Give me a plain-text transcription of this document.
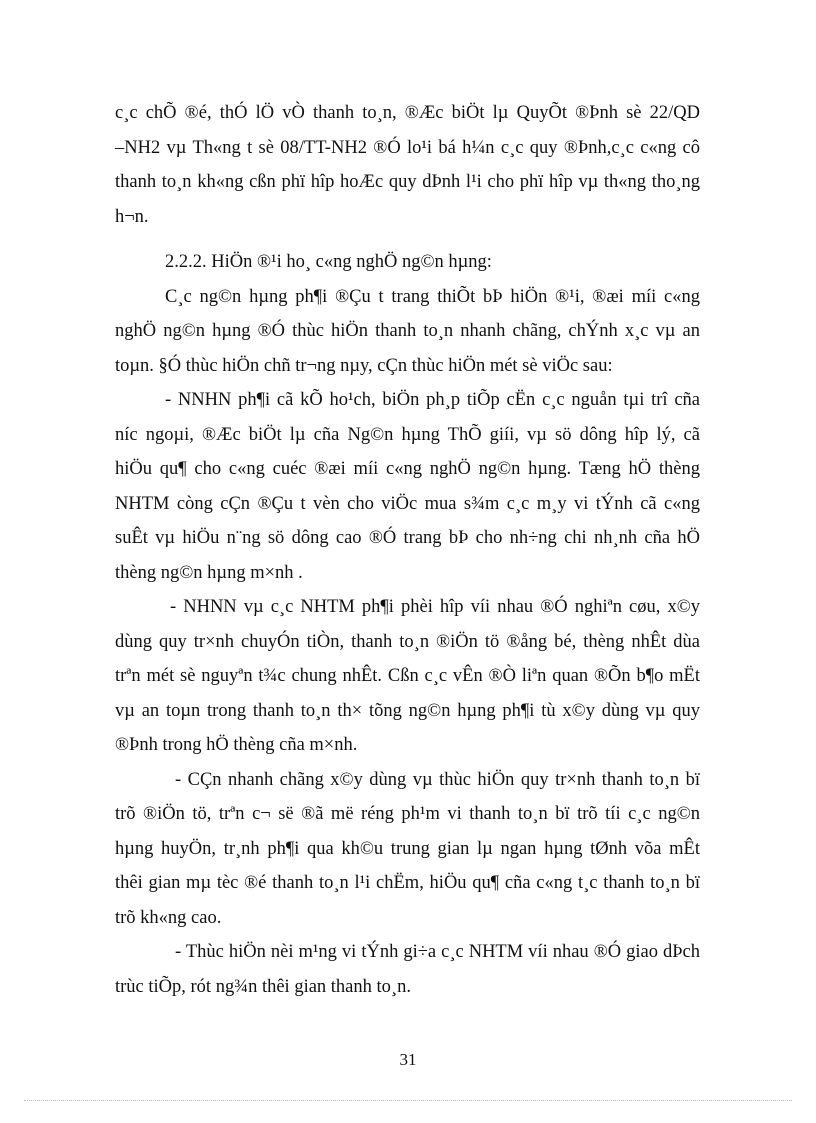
c¸c chÕ ®é, thÓ lÖ vÒ thanh to¸n, ®Æc biÖt lµ QuyÕt ®Þnh sè 22/QD
–NH2 vµ Th«ng t sè 08/TT-NH2 ®Ó lo¹i bá h¼n c¸c quy ®Þnh,c¸c c«ng cô
thanh to¸n kh«ng cßn phï hîp hoÆc quy dÞnh l¹i cho phï hîp vµ th«ng tho¸ng
h¬n.
2.2.2. HiÖn ®¹i ho¸ c«ng nghÖ ng©n hµng:
C¸c ng©n hµng ph¶i ®Çu t trang thiÕt bÞ hiÖn ®¹i, ®æi míi c«ng
nghÖ ng©n hµng ®Ó thùc hiÖn thanh to¸n nhanh chãng, chÝnh x¸c vµ an
toµn. §Ó thùc hiÖn chñ tr¬ng nµy, cÇn thùc hiÖn mét sè viÖc sau:
- NNHN ph¶i cã kÕ ho¹ch, biÖn ph¸p tiÕp cËn c¸c nguån tµi trî cña
níc ngoµi, ®Æc biÖt lµ cña Ng©n hµng ThÕ giíi, vµ sö dông hîp lý, cã
hiÖu qu¶ cho c«ng cuéc ®æi míi c«ng nghÖ ng©n hµng. Tæng hÖ thèng
NHTM còng cÇn ®Çu t vèn cho viÖc mua s¾m c¸c m¸y vi tÝnh cã c«ng
suÊt vµ hiÖu n¨ng sö dông cao ®Ó trang bÞ cho nh÷ng chi nh¸nh cña hÖ
thèng ng©n hµng m×nh .
- NHNN vµ c¸c NHTM ph¶i phèi hîp víi nhau ®Ó nghiªn cøu, x©y
dùng quy tr×nh chuyÓn tiÒn, thanh to¸n ®iÖn tö ®ång bé, thèng nhÊt dùa
trªn mét sè nguyªn t¾c chung nhÊt. Cßn c¸c vÊn ®Ò liªn quan ®Õn b¶o mËt
vµ an toµn trong thanh to¸n th× tõng ng©n hµng ph¶i tù x©y dùng vµ quy
®Þnh trong hÖ thèng cña m×nh.
- CÇn nhanh chãng x©y dùng vµ thùc hiÖn quy tr×nh thanh to¸n bï
trõ ®iÖn tö, trªn c¬ së ®ã më réng ph¹m vi thanh to¸n bï trõ tíi c¸c ng©n
hµng huyÖn, tr¸nh ph¶i qua kh©u trung gian lµ ngan hµng tØnh võa mÊt
thêi gian mµ tèc ®é thanh to¸n l¹i chËm, hiÖu qu¶ cña c«ng t¸c thanh to¸n bï
trõ kh«ng cao.
- Thùc hiÖn nèi m¹ng vi tÝnh gi÷a c¸c NHTM víi nhau ®Ó giao dÞch
trùc tiÕp, rót ng¾n thêi gian thanh to¸n.
31
